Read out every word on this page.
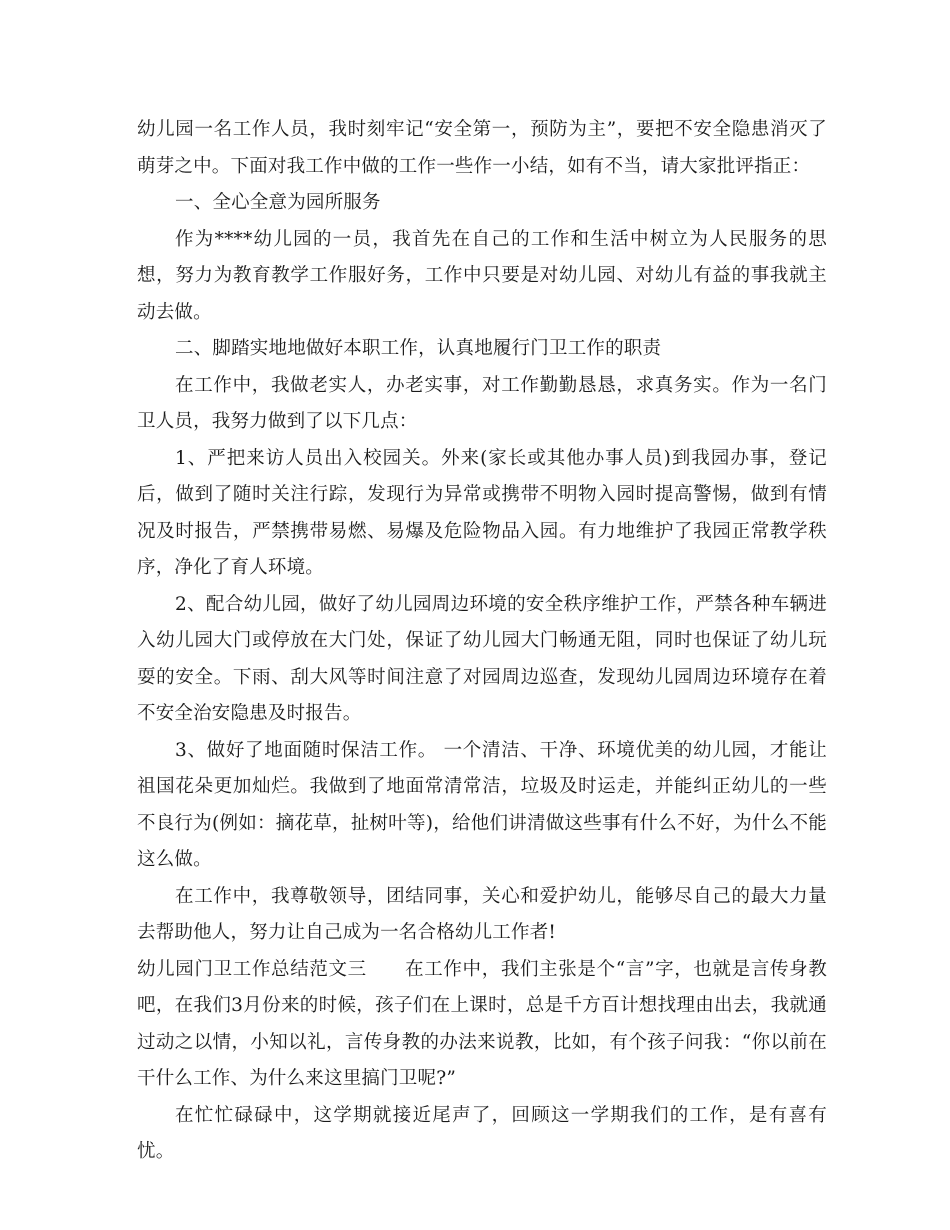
幼儿园一名工作人员，我时刻牢记“安全第一，预防为主”，要把不安全隐患消灭了萌芽之中。下面对我工作中做的工作一些作一小结，如有不当，请大家批评指正：

一、全心全意为园所服务

作为****幼儿园的一员，我首先在自己的工作和生活中树立为人民服务的思想，努力为教育教学工作服好务，工作中只要是对幼儿园、对幼儿有益的事我就主动去做。

二、脚踏实地地做好本职工作，认真地履行门卫工作的职责

在工作中，我做老实人，办老实事，对工作勤勤恳恳，求真务实。作为一名门卫人员，我努力做到了以下几点：

1、严把来访人员出入校园关。外来(家长或其他办事人员)到我园办事，登记后，做到了随时关注行踪，发现行为异常或携带不明物入园时提高警惕，做到有情况及时报告，严禁携带易燃、易爆及危险物品入园。有力地维护了我园正常教学秩序，净化了育人环境。

2、配合幼儿园，做好了幼儿园周边环境的安全秩序维护工作，严禁各种车辆进入幼儿园大门或停放在大门处，保证了幼儿园大门畅通无阻，同时也保证了幼儿玩耍的安全。下雨、刮大风等时间注意了对园周边巡查，发现幼儿园周边环境存在着不安全治安隐患及时报告。

3、做好了地面随时保洁工作。 一个清洁、干净、环境优美的幼儿园，才能让祖国花朵更加灿烂。我做到了地面常清常洁，垃圾及时运走，并能纠正幼儿的一些不良行为(例如：摘花草，扯树叶等)，给他们讲清做这些事有什么不好，为什么不能这么做。

在工作中，我尊敬领导，团结同事，关心和爱护幼儿，能够尽自己的最大力量去帮助他人，努力让自己成为一名合格幼儿工作者!

幼儿园门卫工作总结范文三　　在工作中，我们主张是个“言”字，也就是言传身教吧，在我们3月份来的时候，孩子们在上课时，总是千方百计想找理由出去，我就通过动之以情，小知以礼，言传身教的办法来说教，比如，有个孩子问我：“你以前在干什么工作、为什么来这里搞门卫呢?”

在忙忙碌碌中，这学期就接近尾声了，回顾这一学期我们的工作，是有喜有忧。
